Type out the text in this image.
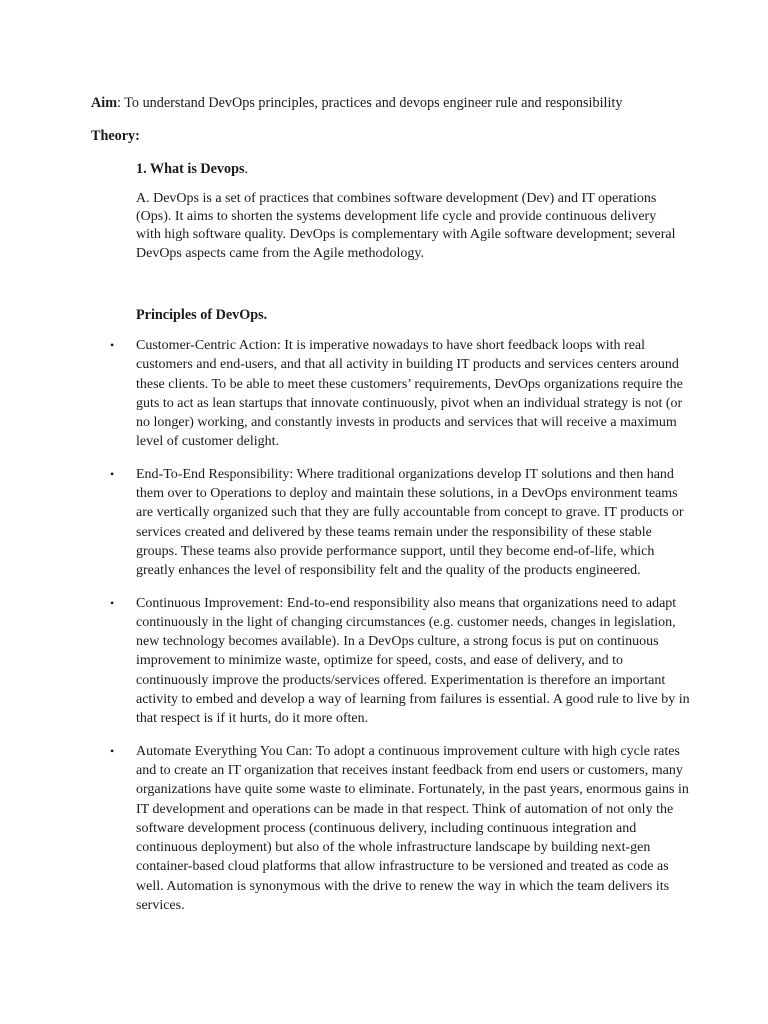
Aim: To understand DevOps principles, practices and devops engineer rule and responsibility
Theory:
1. What is Devops.
A. DevOps is a set of practices that combines software development (Dev) and IT operations (Ops). It aims to shorten the systems development life cycle and provide continuous delivery with high software quality. DevOps is complementary with Agile software development; several DevOps aspects came from the Agile methodology.
Principles of DevOps.
• Customer-Centric Action: It is imperative nowadays to have short feedback loops with real customers and end-users, and that all activity in building IT products and services centers around these clients. To be able to meet these customers’ requirements, DevOps organizations require the guts to act as lean startups that innovate continuously, pivot when an individual strategy is not (or no longer) working, and constantly invests in products and services that will receive a maximum level of customer delight.
• End-To-End Responsibility: Where traditional organizations develop IT solutions and then hand them over to Operations to deploy and maintain these solutions, in a DevOps environment teams are vertically organized such that they are fully accountable from concept to grave. IT products or services created and delivered by these teams remain under the responsibility of these stable groups. These teams also provide performance support, until they become end-of-life, which greatly enhances the level of responsibility felt and the quality of the products engineered.
• Continuous Improvement: End-to-end responsibility also means that organizations need to adapt continuously in the light of changing circumstances (e.g. customer needs, changes in legislation, new technology becomes available). In a DevOps culture, a strong focus is put on continuous improvement to minimize waste, optimize for speed, costs, and ease of delivery, and to continuously improve the products/services offered. Experimentation is therefore an important activity to embed and develop a way of learning from failures is essential. A good rule to live by in that respect is if it hurts, do it more often.
• Automate Everything You Can: To adopt a continuous improvement culture with high cycle rates and to create an IT organization that receives instant feedback from end users or customers, many organizations have quite some waste to eliminate. Fortunately, in the past years, enormous gains in IT development and operations can be made in that respect. Think of automation of not only the software development process (continuous delivery, including continuous integration and continuous deployment) but also of the whole infrastructure landscape by building next-gen container-based cloud platforms that allow infrastructure to be versioned and treated as code as well. Automation is synonymous with the drive to renew the way in which the team delivers its services.
